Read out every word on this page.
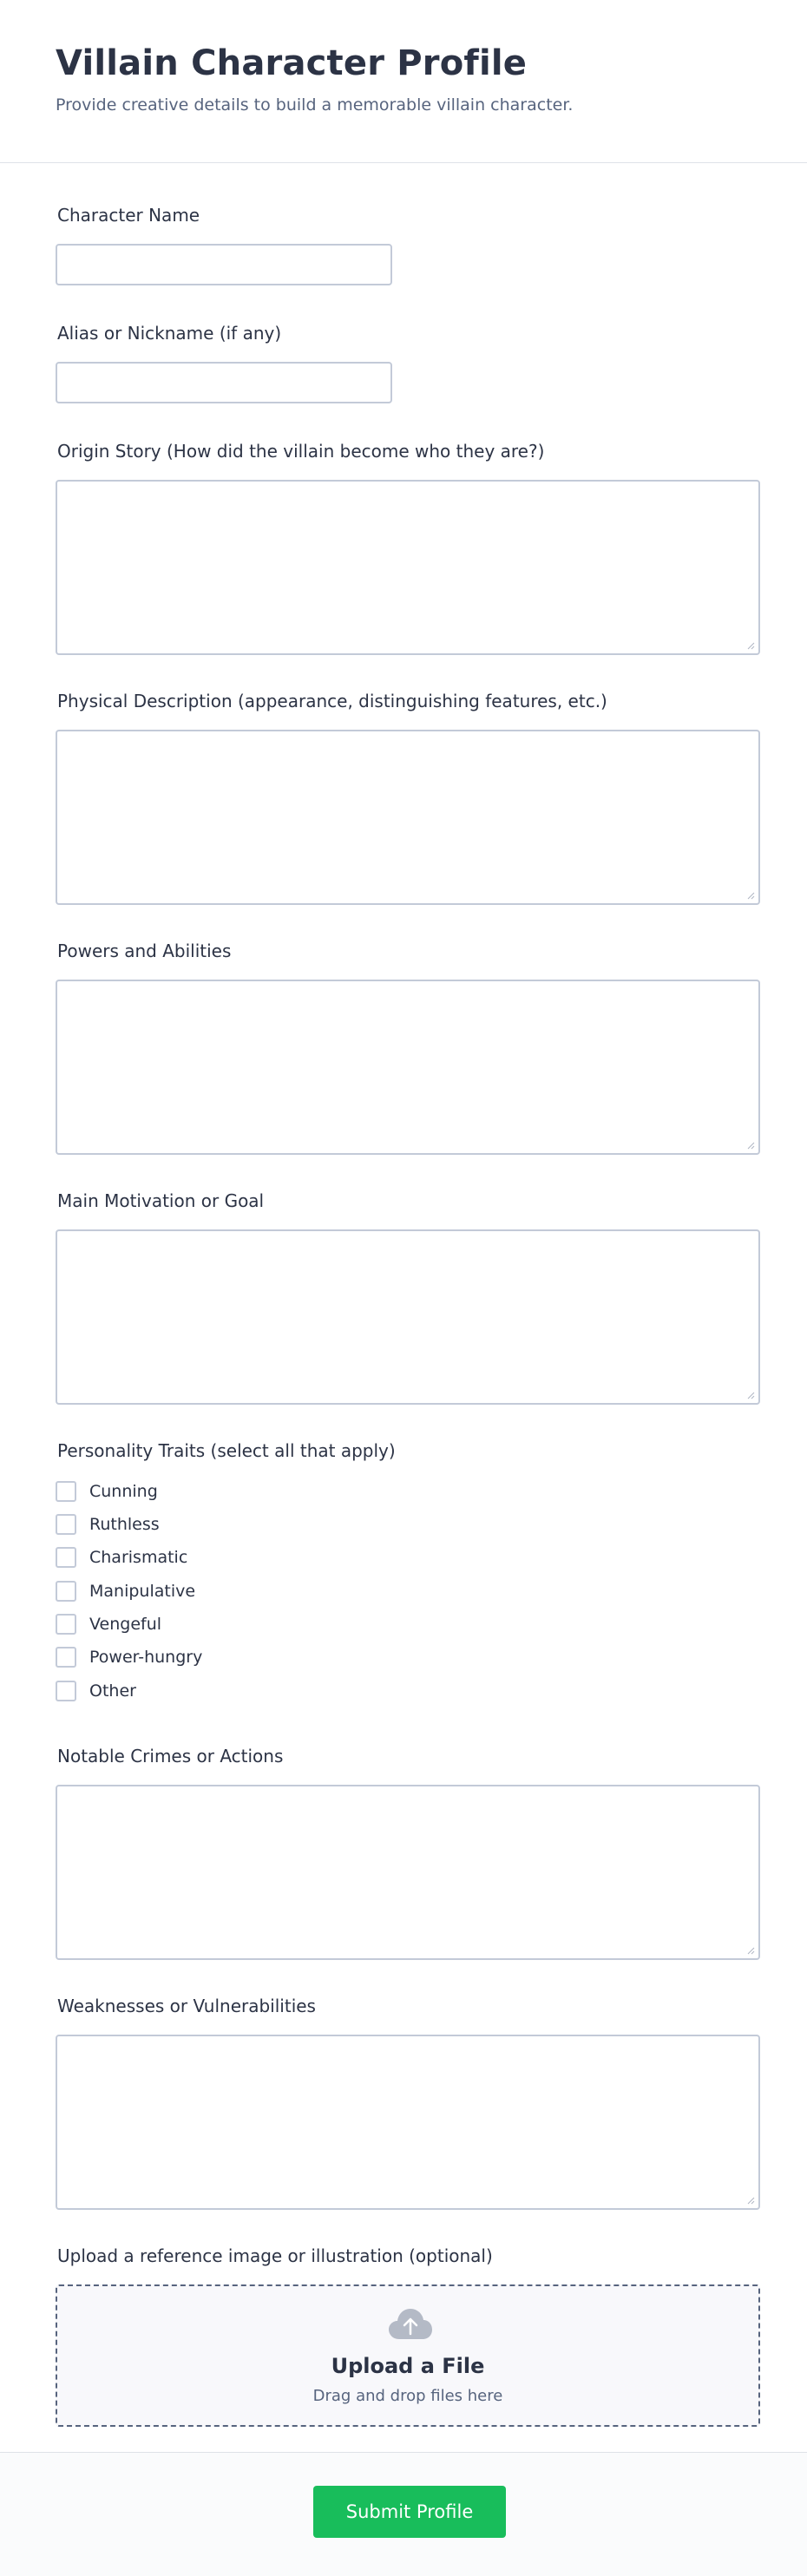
Villain Character Profile

Provide creative details to build a memorable villain character.

Character Name
Alias or Nickname (if any)
Origin Story (How did the villain become who they are?)
Physical Description (appearance, distinguishing features, etc.)
Powers and Abilities
Main Motivation or Goal
Personality Traits (select all that apply)
Cunning
Ruthless
Charismatic
Manipulative
Vengeful
Power-hungry
Other
Notable Crimes or Actions
Weaknesses or Vulnerabilities
Upload a reference image or illustration (optional)
Upload a File
Drag and drop files here
Submit Profile
